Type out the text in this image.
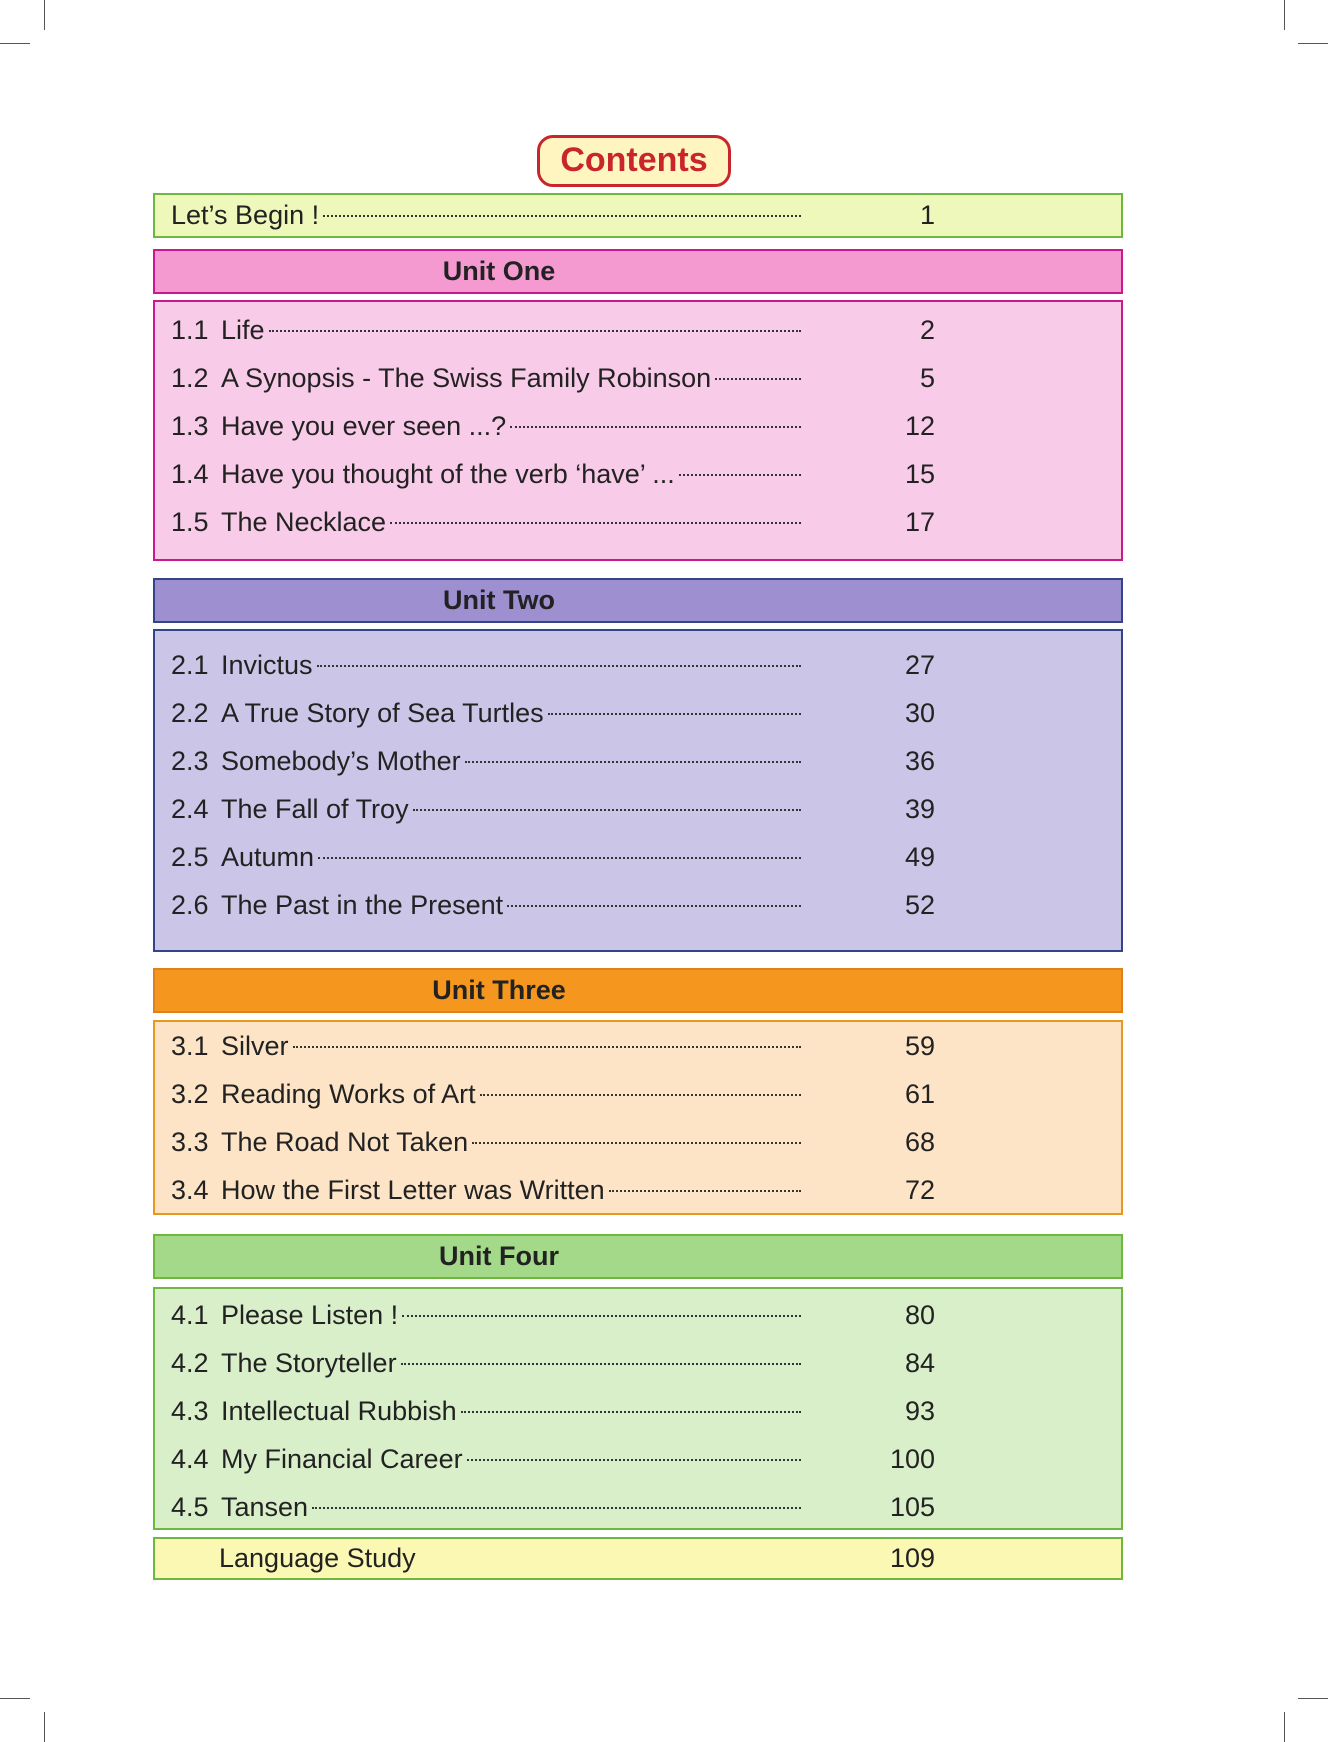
Contents
Let’s Begin !	1
Unit One
1.1 Life	2
1.2 A Synopsis - The Swiss Family Robinson	5
1.3 Have you ever seen ...?	12
1.4 Have you thought of the verb ‘have’ ...	15
1.5 The Necklace	17
Unit Two
2.1 Invictus	27
2.2 A True Story of Sea Turtles	30
2.3 Somebody’s Mother	36
2.4 The Fall of Troy	39
2.5 Autumn	49
2.6 The Past in the Present	52
Unit Three
3.1 Silver	59
3.2 Reading Works of Art	61
3.3 The Road Not Taken	68
3.4 How the First Letter was Written	72
Unit Four
4.1 Please Listen !	80
4.2 The Storyteller	84
4.3 Intellectual Rubbish	93
4.4 My Financial Career	100
4.5 Tansen	105
Language Study	109
